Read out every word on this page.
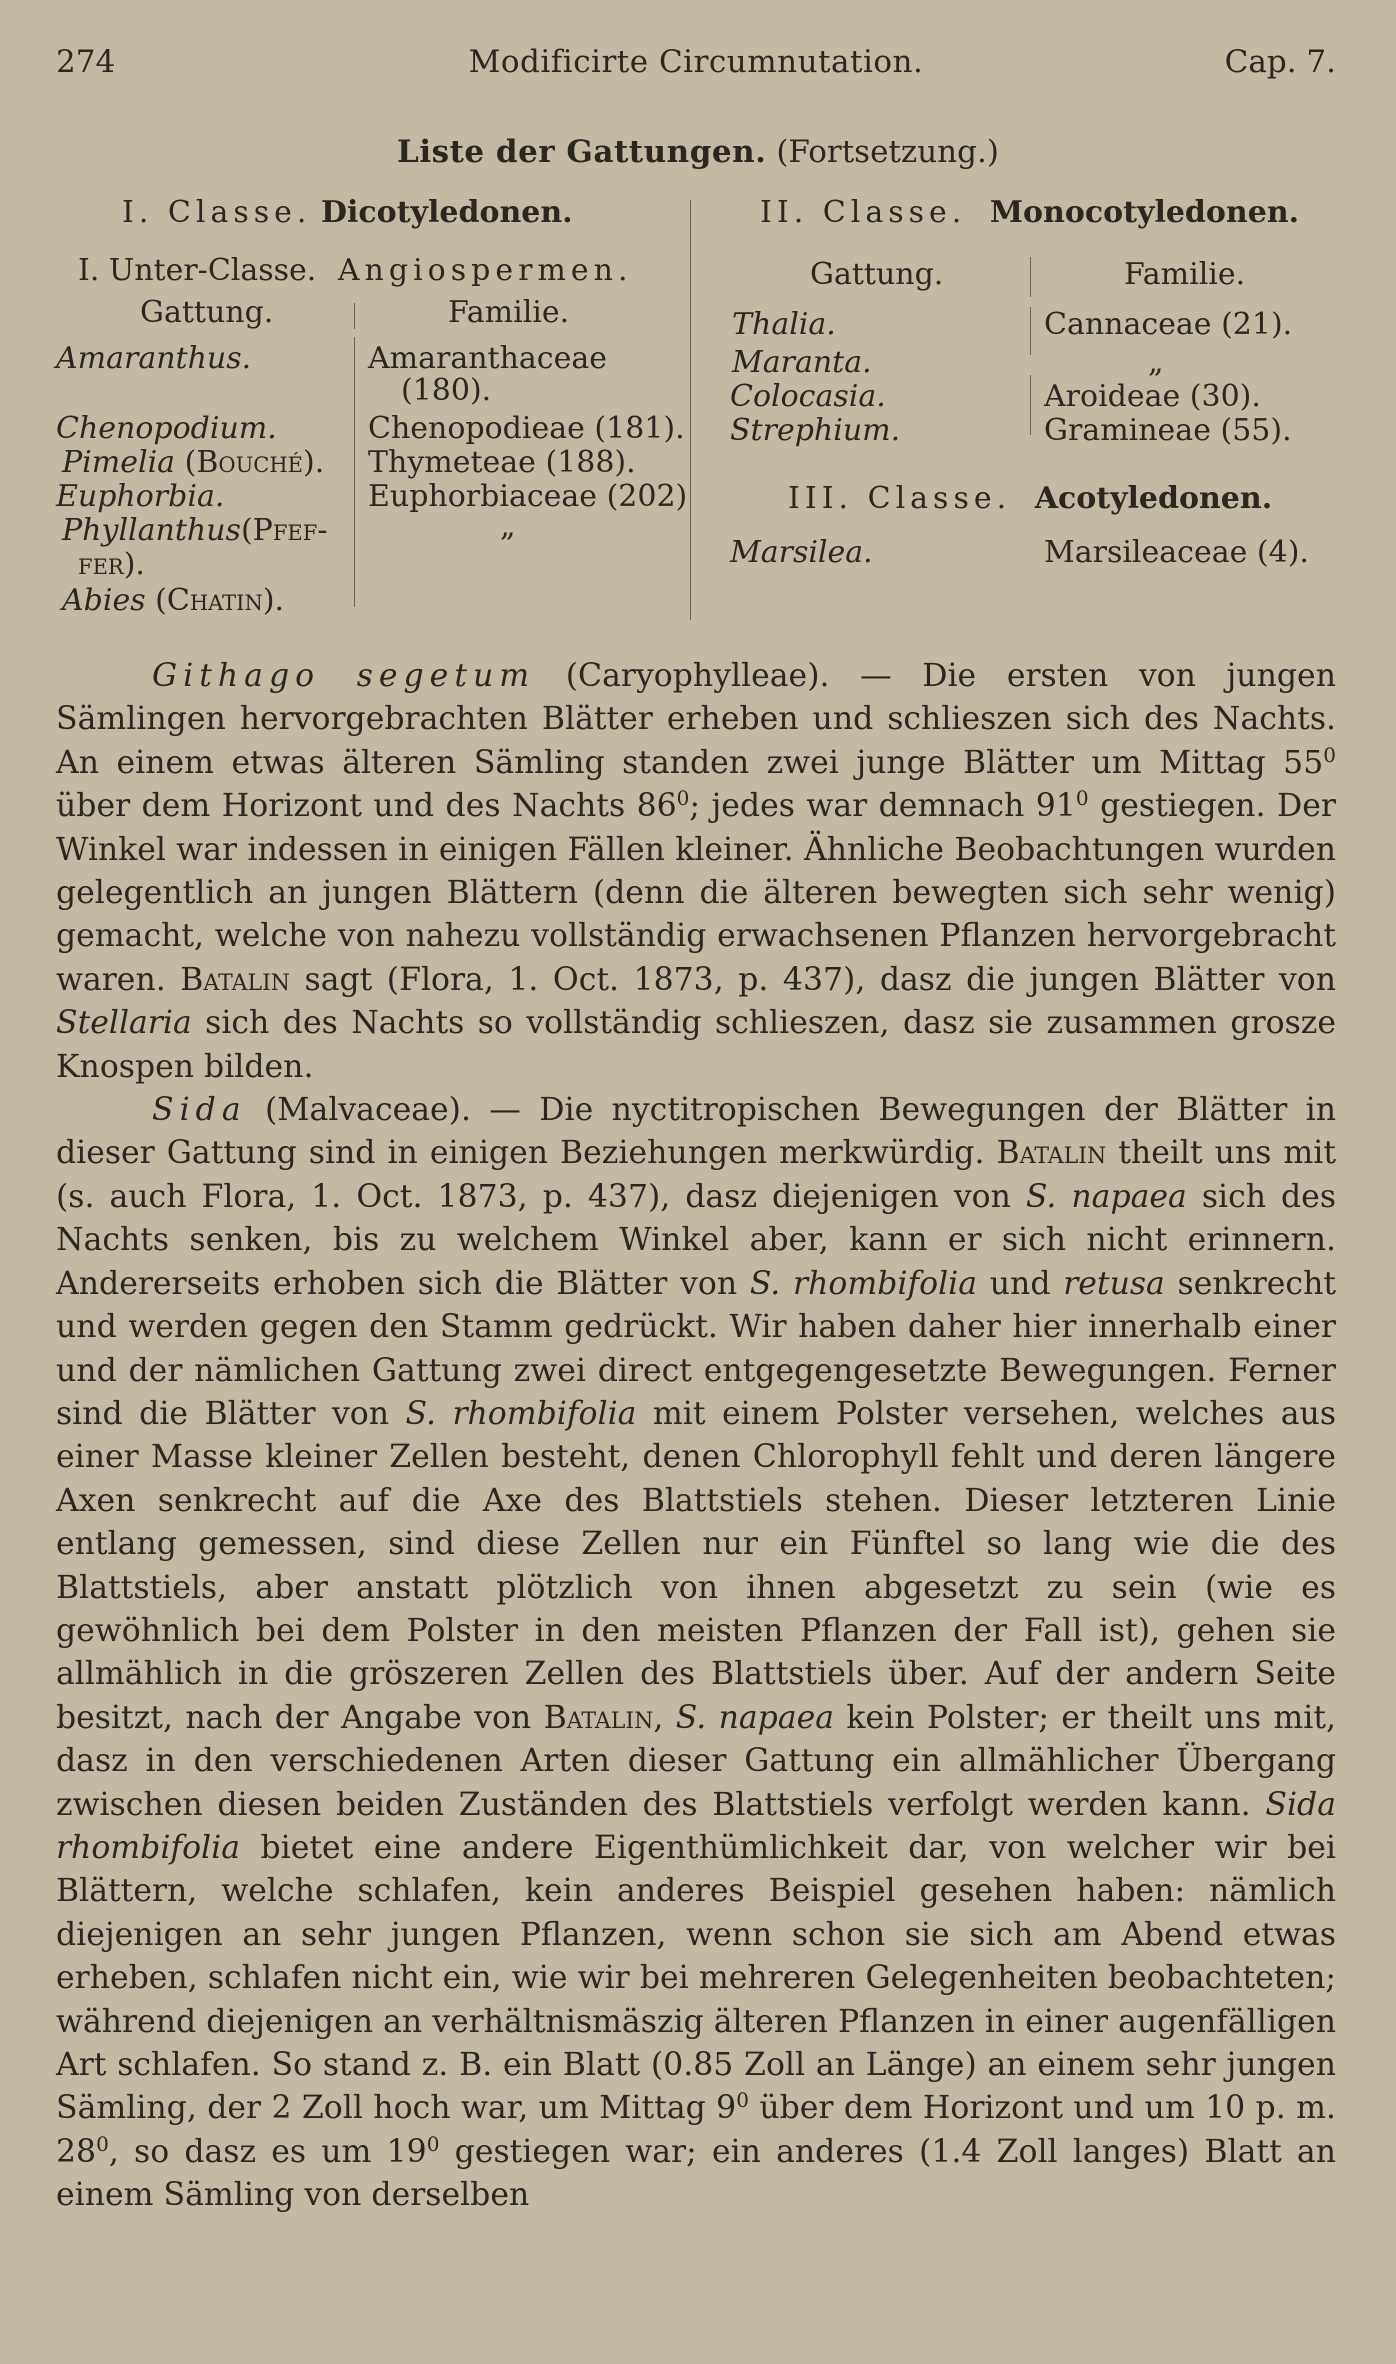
274	Modificirte Circumnutation.	Cap. 7.
Liste der Gattungen. (Fortsetzung.)
I. Classe. Dicotyledonen.
I. Unter-Classe. Angiospermen.
Gattung.	Familie.
Amaranthus.	Amaranthaceae
(180).
Chenopodium.	Chenopodieae (181).
Pimelia (Bouché). Thymeteae (188).
Euphorbia.	Euphorbiaceae (202)
Phyllanthus(Pfef-	„
fer).
Abies (Chatin).
II. Classe. Monocotyledonen.
Gattung.	Familie.
Thalia.	Cannaceae (21).
Maranta.	„
Colocasia.	Aroideae (30).
Strephium.	Gramineae (55).
III. Classe. Acotyledonen.
Marsilea.	Marsileaceae (4).

Githago segetum (Caryophylleae). — Die ersten von jungen Sämlingen hervorgebrachten Blätter erheben und schlieszen sich des Nachts. An einem etwas älteren Sämling standen zwei junge Blätter um Mittag $55^0$ über dem Horizont und des Nachts $86^0$; jedes war demnach $91^0$ gestiegen. Der Winkel war indessen in einigen Fällen kleiner. Ähnliche Beobachtungen wurden gelegentlich an jungen Blättern (denn die älteren bewegten sich sehr wenig) gemacht, welche von nahezu vollständig erwachsenen Pflanzen hervorgebracht waren. Batalin sagt (Flora, 1. Oct. 1873, p. 437), dasz die jungen Blätter von Stellaria sich des Nachts so vollständig schlieszen, dasz sie zusammen grosze Knospen bilden.

Sida (Malvaceae). — Die nyctitropischen Bewegungen der Blätter in dieser Gattung sind in einigen Beziehungen merkwürdig. Batalin theilt uns mit (s. auch Flora, 1. Oct. 1873, p. 437), dasz diejenigen von S. napaea sich des Nachts senken, bis zu welchem Winkel aber, kann er sich nicht erinnern. Andererseits erhoben sich die Blätter von S. rhombifolia und retusa senkrecht und werden gegen den Stamm gedrückt. Wir haben daher hier innerhalb einer und der nämlichen Gattung zwei direct entgegengesetzte Bewegungen. Ferner sind die Blätter von S. rhombifolia mit einem Polster versehen, welches aus einer Masse kleiner Zellen besteht, denen Chlorophyll fehlt und deren längere Axen senkrecht auf die Axe des Blattstiels stehen. Dieser letzteren Linie entlang gemessen, sind diese Zellen nur ein Fünftel so lang wie die des Blattstiels, aber anstatt plötzlich von ihnen abgesetzt zu sein (wie es gewöhnlich bei dem Polster in den meisten Pflanzen der Fall ist), gehen sie allmählich in die gröszeren Zellen des Blattstiels über. Auf der andern Seite besitzt, nach der Angabe von Batalin, S. napaea kein Polster; er theilt uns mit, dasz in den verschiedenen Arten dieser Gattung ein allmählicher Übergang zwischen diesen beiden Zuständen des Blattstiels verfolgt werden kann. Sida rhombifolia bietet eine andere Eigenthümlichkeit dar, von welcher wir bei Blättern, welche schlafen, kein anderes Beispiel gesehen haben: nämlich diejenigen an sehr jungen Pflanzen, wenn schon sie sich am Abend etwas erheben, schlafen nicht ein, wie wir bei mehreren Gelegenheiten beobachteten; während diejenigen an verhältnismäszig älteren Pflanzen in einer augenfälligen Art schlafen. So stand z. B. ein Blatt (0.85 Zoll an Länge) an einem sehr jungen Sämling, der 2 Zoll hoch war, um Mittag $9^0$ über dem Horizont und um 10 p. m. $28^0$, so dasz es um $19^0$ gestiegen war; ein anderes (1.4 Zoll langes) Blatt an einem Sämling von derselben
